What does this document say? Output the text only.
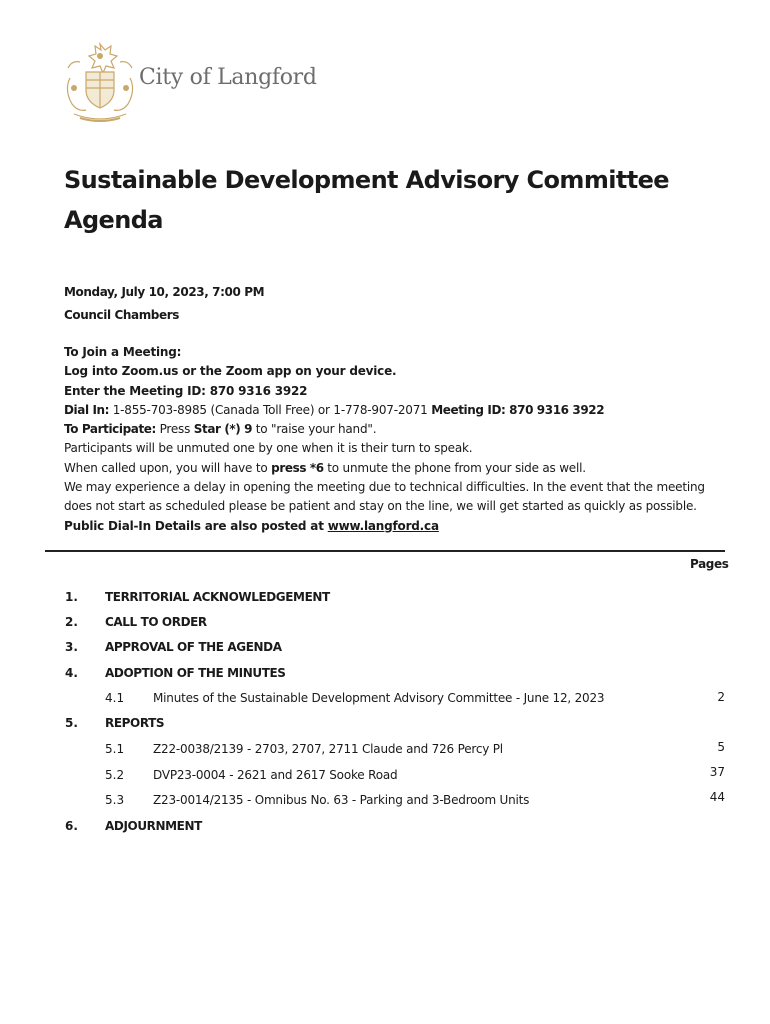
City of Langford
Sustainable Development Advisory Committee
Agenda
Monday, July 10, 2023, 7:00 PM
Council Chambers
To Join a Meeting:
Log into Zoom.us or the Zoom app on your device.
Enter the Meeting ID: 870 9316 3922
Dial In: 1-855-703-8985 (Canada Toll Free) or 1-778-907-2071 Meeting ID: 870 9316 3922
To Participate: Press Star (*) 9 to "raise your hand".
Participants will be unmuted one by one when it is their turn to speak.
When called upon, you will have to press *6 to unmute the phone from your side as well.
We may experience a delay in opening the meeting due to technical difficulties. In the event that the meeting does not start as scheduled please be patient and stay on the line, we will get started as quickly as possible.
Public Dial-In Details are also posted at www.langford.ca
Pages
1. TERRITORIAL ACKNOWLEDGEMENT
2. CALL TO ORDER
3. APPROVAL OF THE AGENDA
4. ADOPTION OF THE MINUTES
4.1 Minutes of the Sustainable Development Advisory Committee - June 12, 2023	2
5. REPORTS
5.1 Z22-0038/2139 - 2703, 2707, 2711 Claude and 726 Percy Pl	5
5.2 DVP23-0004 - 2621 and 2617 Sooke Road	37
5.3 Z23-0014/2135 - Omnibus No. 63 - Parking and 3-Bedroom Units	44
6. ADJOURNMENT
